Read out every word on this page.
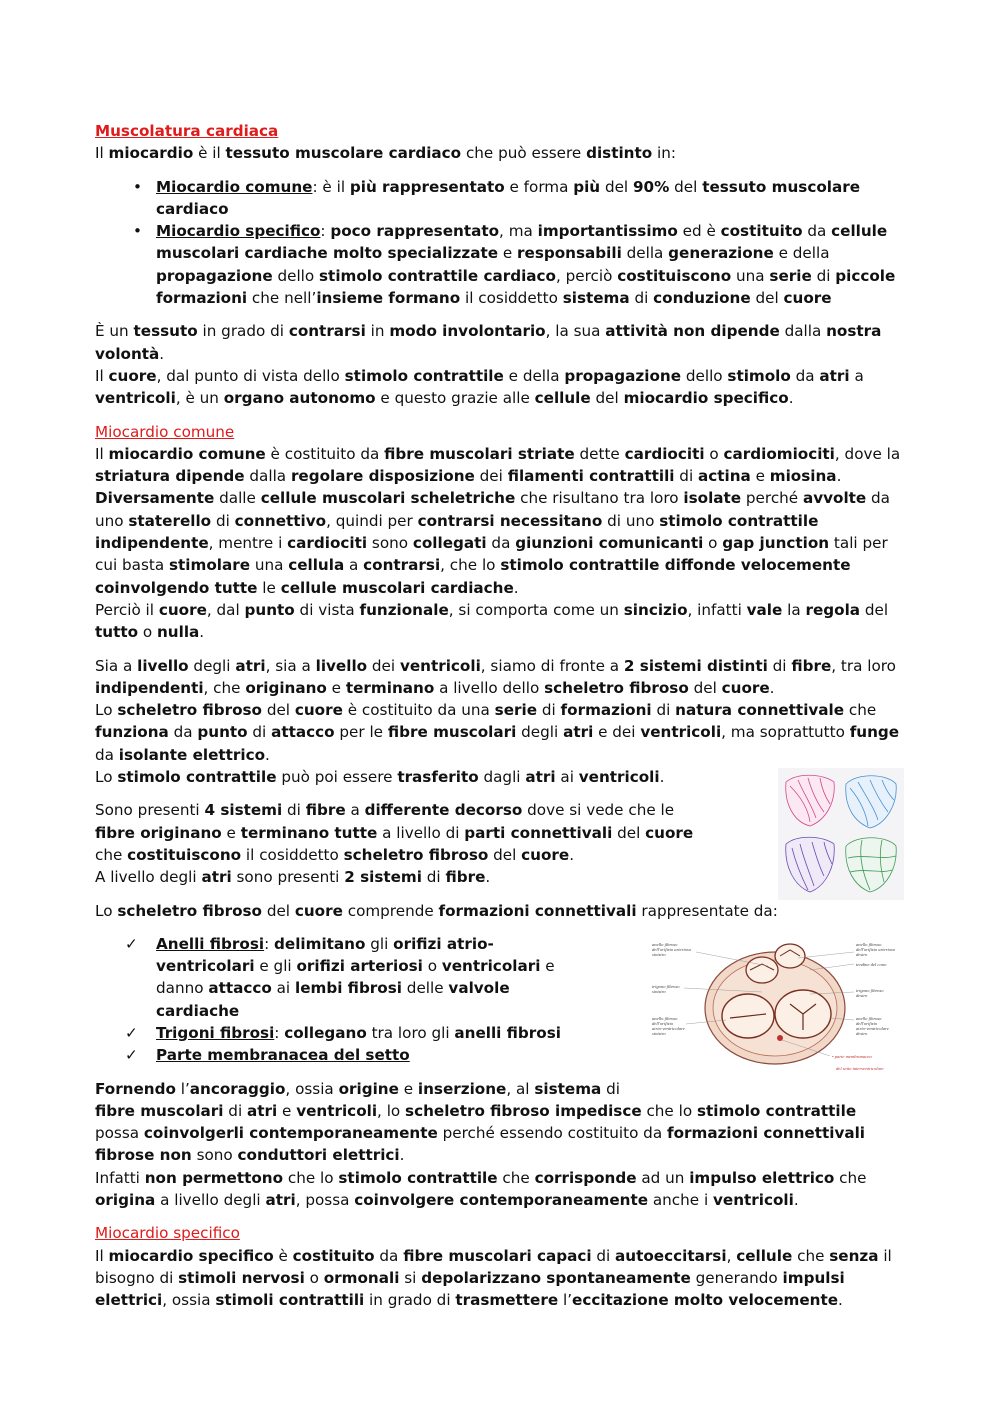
Muscolatura cardiaca

Il miocardio è il tessuto muscolare cardiaco che può essere distinto in:

• Miocardio comune: è il più rappresentato e forma più del 90% del tessuto muscolare cardiaco
• Miocardio specifico: poco rappresentato, ma importantissimo ed è costituito da cellule muscolari cardiache molto specializzate e responsabili della generazione e della propagazione dello stimolo contrattile cardiaco, perciò costituiscono una serie di piccole formazioni che nell’insieme formano il cosiddetto sistema di conduzione del cuore

È un tessuto in grado di contrarsi in modo involontario, la sua attività non dipende dalla nostra volontà.

Il cuore, dal punto di vista dello stimolo contrattile e della propagazione dello stimolo da atri a ventricoli, è un organo autonomo e questo grazie alle cellule del miocardio specifico.

Miocardio comune

Il miocardio comune è costituito da fibre muscolari striate dette cardiociti o cardiomiociti, dove la striatura dipende dalla regolare disposizione dei filamenti contrattili di actina e miosina. Diversamente dalle cellule muscolari scheletriche che risultano tra loro isolate perché avvolte da uno staterello di connettivo, quindi per contrarsi necessitano di uno stimolo contrattile indipendente, mentre i cardiociti sono collegati da giunzioni comunicanti o gap junction tali per cui basta stimolare una cellula a contrarsi, che lo stimolo contrattile diffonde velocemente coinvolgendo tutte le cellule muscolari cardiache.

Perciò il cuore, dal punto di vista funzionale, si comporta come un sincizio, infatti vale la regola del tutto o nulla.

Sia a livello degli atri, sia a livello dei ventricoli, siamo di fronte a 2 sistemi distinti di fibre, tra loro indipendenti, che originano e terminano a livello dello scheletro fibroso del cuore.

Lo scheletro fibroso del cuore è costituito da una serie di formazioni di natura connettivale che funziona da punto di attacco per le fibre muscolari degli atri e dei ventricoli, ma soprattutto funge da isolante elettrico.

Lo stimolo contrattile può poi essere trasferito dagli atri ai ventricoli.

Sono presenti 4 sistemi di fibre a differente decorso dove si vede che le fibre originano e terminano tutte a livello di parti connettivali del cuore che costituiscono il cosiddetto scheletro fibroso del cuore.

A livello degli atri sono presenti 2 sistemi di fibre.

Lo scheletro fibroso del cuore comprende formazioni connettivali rappresentate da:

✓ Anelli fibrosi: delimitano gli orifizi atrio-ventricolari e gli orifizi arteriosi o ventricolari e danno attacco ai lembi fibrosi delle valvole cardiache
✓ Trigoni fibrosi: collegano tra loro gli anelli fibrosi
✓ Parte membranacea del setto

Fornendo l’ancoraggio, ossia origine e inserzione, al sistema di
fibre muscolari di atri e ventricoli, lo scheletro fibroso impedisce che lo stimolo contrattile possa coinvolgerli contemporaneamente perché essendo costituito da formazioni connettivali fibrose non sono conduttori elettrici.

Infatti non permettono che lo stimolo contrattile che corrisponde ad un impulso elettrico che origina a livello degli atri, possa coinvolgere contemporaneamente anche i ventricoli.

Miocardio specifico

Il miocardio specifico è costituito da fibre muscolari capaci di autoeccitarsi, cellule che senza il bisogno di stimoli nervosi o ormonali si depolarizzano spontaneamente generando impulsi elettrici, ossia stimoli contrattili in grado di trasmettere l’eccitazione molto velocemente.

anello fibroso
dell'orifizio arterioso
sinistro
trigono fibroso
sinistro
anello fibroso
dell'orifizio
atrio-ventricolare
sinistro
anello fibroso
dell'orifizio arterioso
destro
tendine del cono
trigono fibroso
destro
anello fibroso
dell'orifizio
atrio-ventricolare
destro
• parte membranacea
del setto interventricolare
